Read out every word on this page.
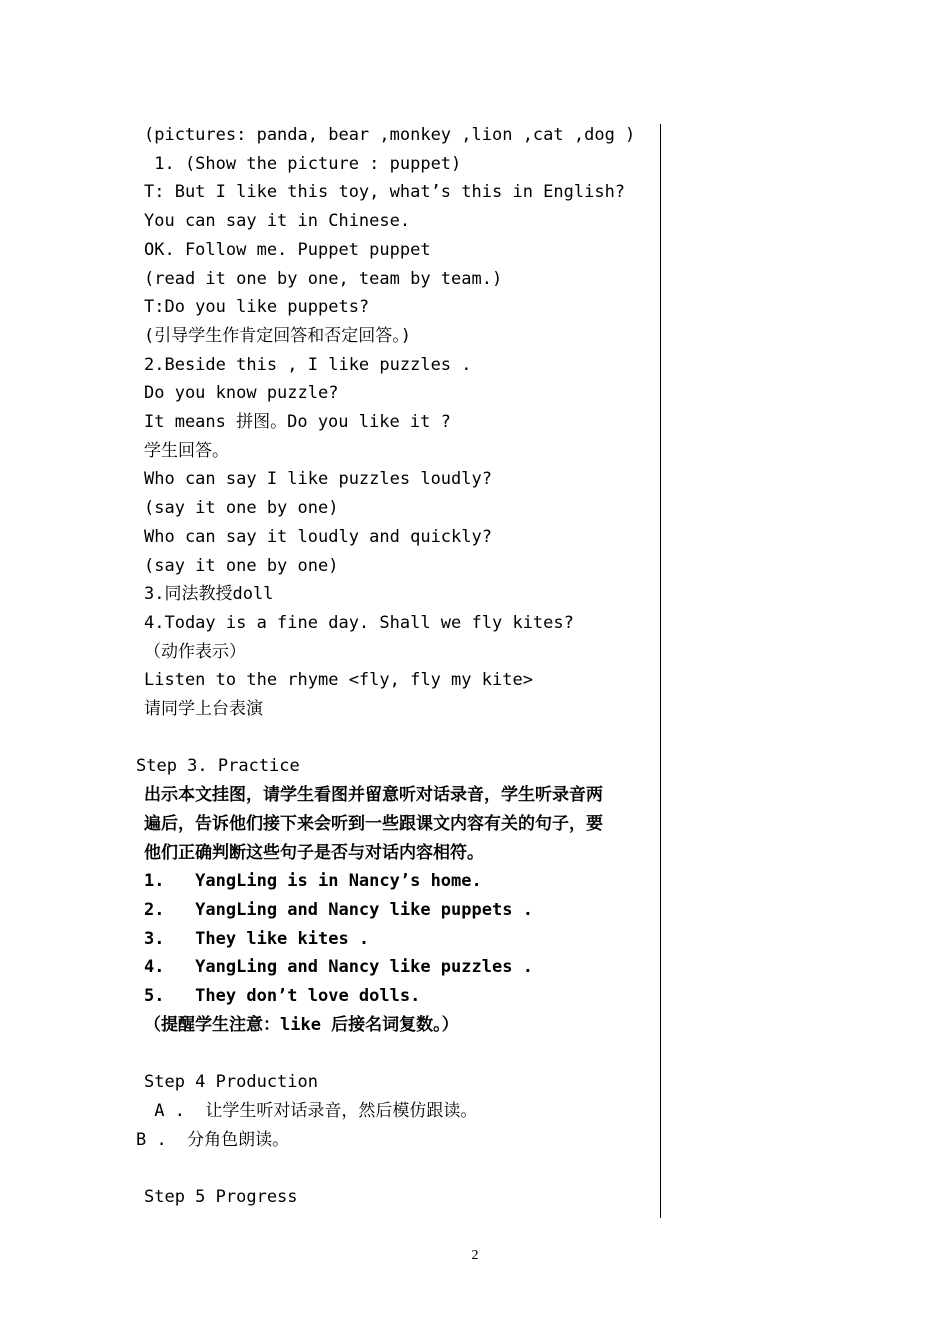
(pictures: panda, bear ,monkey ,lion ,cat ,dog )
1. (Show the picture : puppet)
T: But I like this toy, what’s this in English?
You can say it in Chinese.
OK. Follow me. Puppet puppet
(read it one by one, team by team.)
T:Do you like puppets?
(引导学生作肯定回答和否定回答。)
2.Beside this , I like puzzles .
Do you know puzzle?
It means 拼图。Do you like it ?
学生回答。
Who can say I like puzzles loudly?
(say it one by one)
Who can say it loudly and quickly?
(say it one by one)
3.同法教授doll
4.Today is a fine day. Shall we fly kites?
（动作表示）
Listen to the rhyme <fly, fly my kite>
请同学上台表演
Step 3. Practice
出示本文挂图，请学生看图并留意听对话录音，学生听录音两
遍后，告诉他们接下来会听到一些跟课文内容有关的句子，要
他们正确判断这些句子是否与对话内容相符。
1.   YangLing is in Nancy’s home.
2.   YangLing and Nancy like puppets .
3.   They like kites .
4.   YangLing and Nancy like puzzles .
5.   They don’t love dolls.
（提醒学生注意：like 后接名词复数。）
Step 4 Production
A .  让学生听对话录音，然后模仿跟读。
B .  分角色朗读。
Step 5 Progress
2
